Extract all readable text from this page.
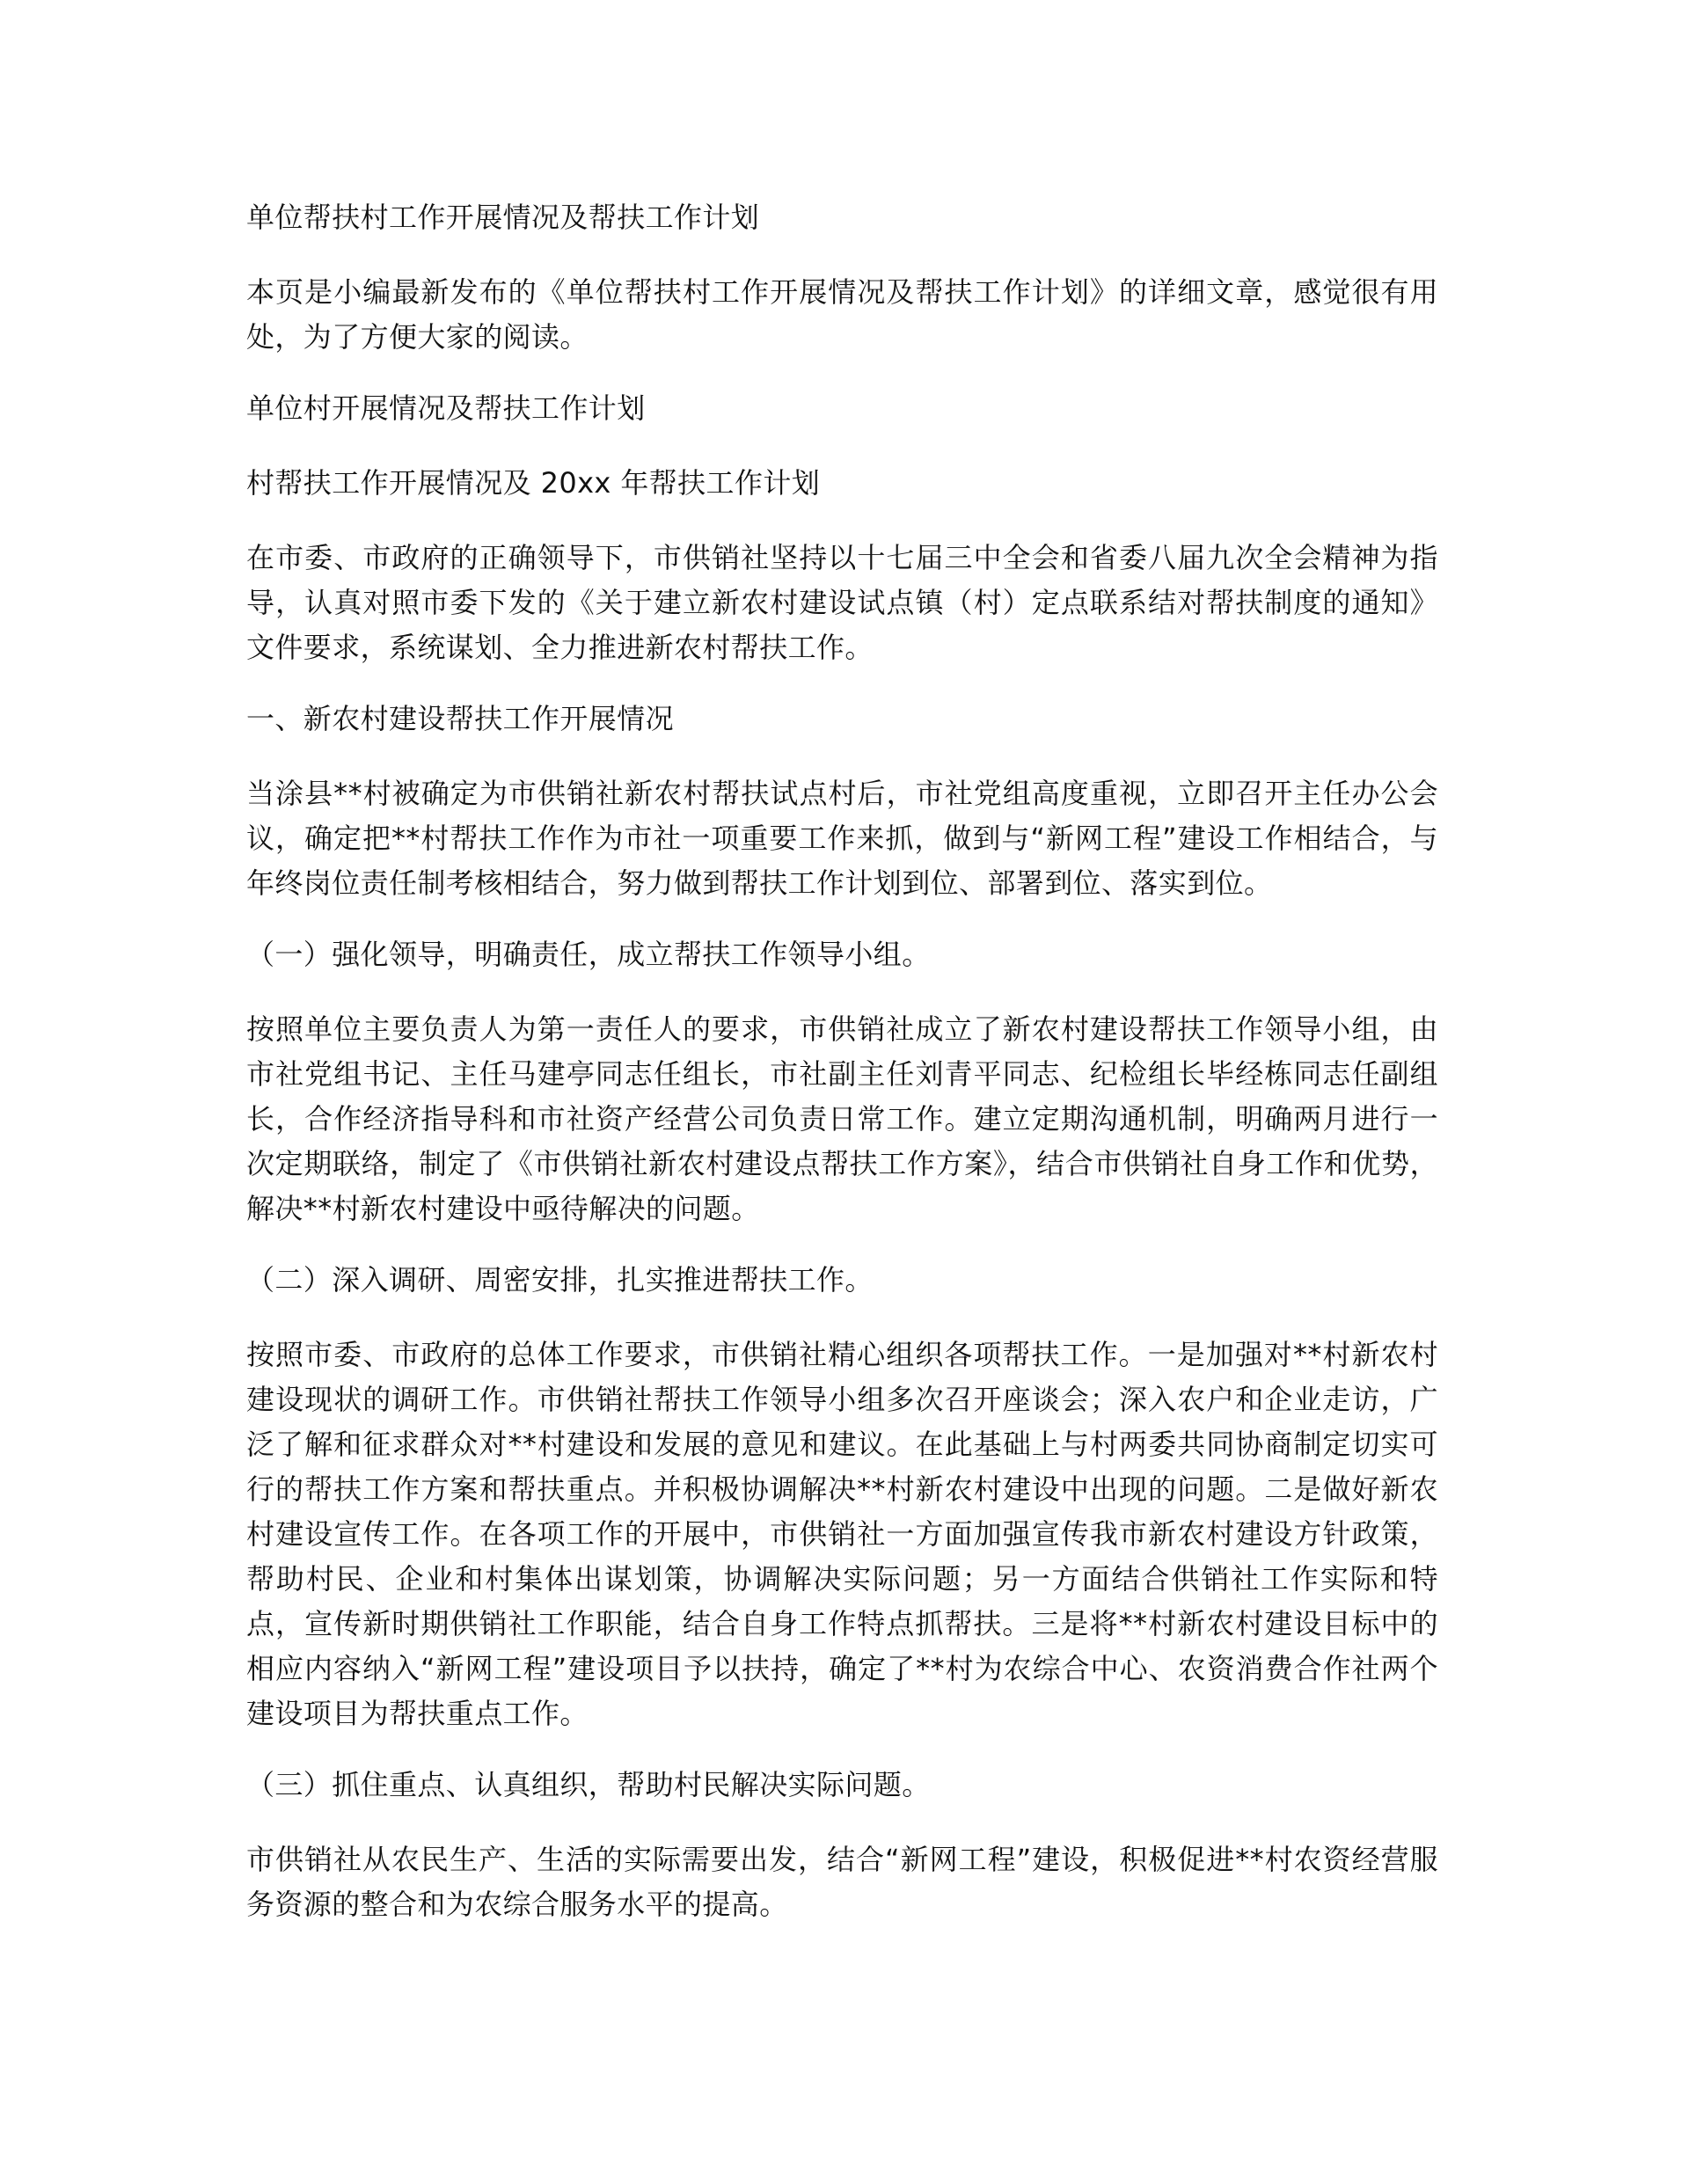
单位帮扶村工作开展情况及帮扶工作计划

本页是小编最新发布的《单位帮扶村工作开展情况及帮扶工作计划》的详细文章，感觉很有用处，为了方便大家的阅读。

单位村开展情况及帮扶工作计划

村帮扶工作开展情况及 20xx 年帮扶工作计划

在市委、市政府的正确领导下，市供销社坚持以十七届三中全会和省委八届九次全会精神为指导，认真对照市委下发的《关于建立新农村建设试点镇（村）定点联系结对帮扶制度的通知》文件要求，系统谋划、全力推进新农村帮扶工作。

一、新农村建设帮扶工作开展情况

当涂县**村被确定为市供销社新农村帮扶试点村后，市社党组高度重视，立即召开主任办公会议，确定把**村帮扶工作作为市社一项重要工作来抓，做到与“新网工程”建设工作相结合，与年终岗位责任制考核相结合，努力做到帮扶工作计划到位、部署到位、落实到位。

（一）强化领导，明确责任，成立帮扶工作领导小组。

按照单位主要负责人为第一责任人的要求，市供销社成立了新农村建设帮扶工作领导小组，由市社党组书记、主任马建亭同志任组长，市社副主任刘青平同志、纪检组长毕经栋同志任副组长，合作经济指导科和市社资产经营公司负责日常工作。建立定期沟通机制，明确两月进行一次定期联络，制定了《市供销社新农村建设点帮扶工作方案》，结合市供销社自身工作和优势，解决**村新农村建设中亟待解决的问题。

（二）深入调研、周密安排，扎实推进帮扶工作。

按照市委、市政府的总体工作要求，市供销社精心组织各项帮扶工作。一是加强对**村新农村建设现状的调研工作。市供销社帮扶工作领导小组多次召开座谈会；深入农户和企业走访，广泛了解和征求群众对**村建设和发展的意见和建议。在此基础上与村两委共同协商制定切实可行的帮扶工作方案和帮扶重点。并积极协调解决**村新农村建设中出现的问题。二是做好新农村建设宣传工作。在各项工作的开展中，市供销社一方面加强宣传我市新农村建设方针政策，帮助村民、企业和村集体出谋划策，协调解决实际问题；另一方面结合供销社工作实际和特点，宣传新时期供销社工作职能，结合自身工作特点抓帮扶。三是将**村新农村建设目标中的相应内容纳入“新网工程”建设项目予以扶持，确定了**村为农综合中心、农资消费合作社两个建设项目为帮扶重点工作。

（三）抓住重点、认真组织，帮助村民解决实际问题。

市供销社从农民生产、生活的实际需要出发，结合“新网工程”建设，积极促进**村农资经营服务资源的整合和为农综合服务水平的提高。
